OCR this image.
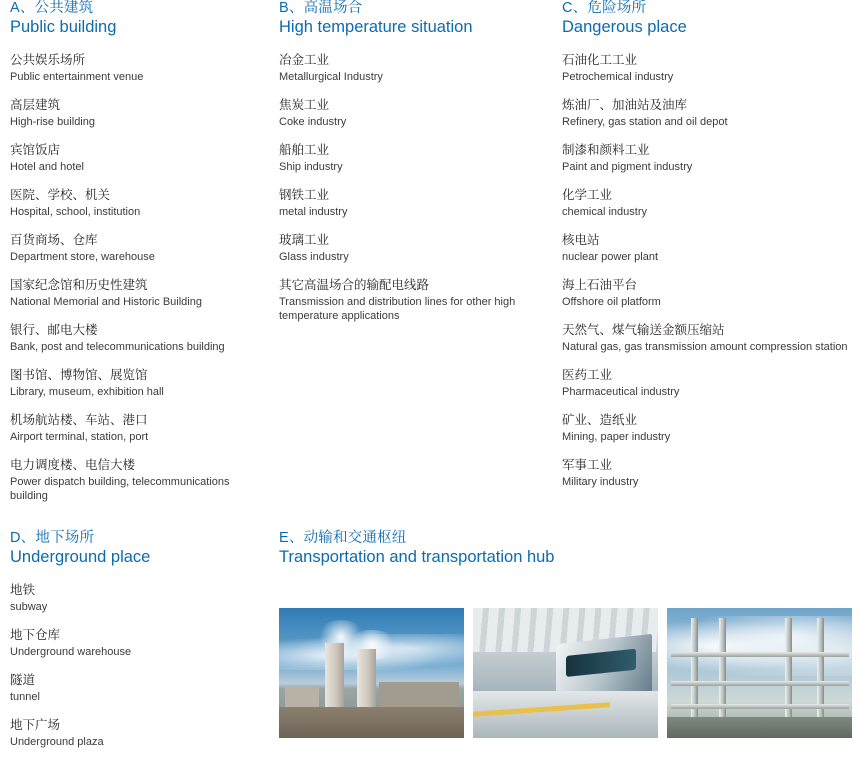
A、公共建筑
Public building
公共娱乐场所
Public entertainment venue
高层建筑
High-rise building
宾馆饭店
Hotel and hotel
医院、学校、机关
Hospital, school, institution
百货商场、仓库
Department store, warehouse
国家纪念馆和历史性建筑
National Memorial and Historic Building
银行、邮电大楼
Bank, post and telecommunications building
图书馆、博物馆、展览馆
Library, museum, exhibition hall
机场航站楼、车站、港口
Airport terminal, station, port
电力调度楼、电信大楼
Power dispatch building, telecommunications building
B、高温场合
High temperature situation
冶金工业
Metallurgical Industry
焦炭工业
Coke industry
船舶工业
Ship industry
钢铁工业
metal industry
玻璃工业
Glass industry
其它高温场合的输配电线路
Transmission and distribution lines for other high temperature applications
C、危险场所
Dangerous place
石油化工工业
Petrochemical industry
炼油厂、加油站及油库
Refinery, gas station and oil depot
制漆和颜料工业
Paint and pigment industry
化学工业
chemical industry
核电站
nuclear power plant
海上石油平台
Offshore oil platform
天然气、煤气输送金额压缩站
Natural gas, gas transmission amount compression station
医药工业
Pharmaceutical industry
矿业、造纸业
Mining, paper industry
军事工业
Military industry
D、地下场所
Underground place
地铁
subway
地下仓库
Underground warehouse
隧道
tunnel
地下广场
Underground plaza
E、动输和交通枢纽
Transportation and transportation hub
